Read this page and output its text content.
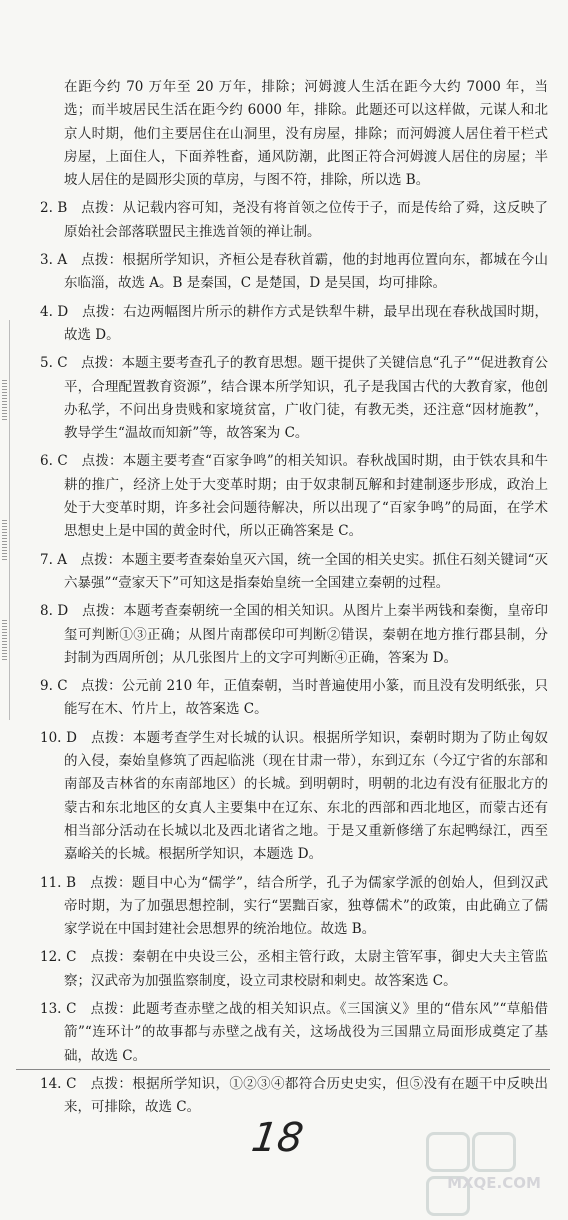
在距今约 70 万年至 20 万年，排除；河姆渡人生活在距今大约 7000 年，当选；而半坡居民生活在距今约 6000 年，排除。此题还可以这样做，元谋人和北京人时期，他们主要居住在山洞里，没有房屋，排除；而河姆渡人居住着干栏式房屋，上面住人，下面养牲畜，通风防潮，此图正符合河姆渡人居住的房屋；半坡人居住的是圆形尖顶的草房，与图不符，排除，所以选 B。

2. B　点拨：从记载内容可知，尧没有将首领之位传于子，而是传给了舜，这反映了原始社会部落联盟民主推选首领的禅让制。

3. A　点拨：根据所学知识，齐桓公是春秋首霸，他的封地再位置向东，都城在今山东临淄，故选 A。B 是秦国，C 是楚国，D 是吴国，均可排除。

4. D　点拨：右边两幅图片所示的耕作方式是铁犁牛耕，最早出现在春秋战国时期，故选 D。

5. C　点拨：本题主要考查孔子的教育思想。题干提供了关键信息“孔子”“促进教育公平，合理配置教育资源”，结合课本所学知识，孔子是我国古代的大教育家，他创办私学，不问出身贵贱和家境贫富，广收门徒，有教无类，还注意“因材施教”，教导学生“温故而知新”等，故答案为 C。

6. C　点拨：本题主要考查“百家争鸣”的相关知识。春秋战国时期，由于铁农具和牛耕的推广，经济上处于大变革时期；由于奴隶制瓦解和封建制逐步形成，政治上处于大变革时期，许多社会问题待解决，所以出现了“百家争鸣”的局面，在学术思想史上是中国的黄金时代，所以正确答案是 C。

7. A　点拨：本题主要考查秦始皇灭六国，统一全国的相关史实。抓住石刻关键词“灭六暴强”“壹家天下”可知这是指秦始皇统一全国建立秦朝的过程。

8. D　点拨：本题考查秦朝统一全国的相关知识。从图片上秦半两钱和秦衡，皇帝印玺可判断①③正确；从图片南郡侯印可判断②错误，秦朝在地方推行郡县制，分封制为西周所创；从几张图片上的文字可判断④正确，答案为 D。

9. C　点拨：公元前 210 年，正值秦朝，当时普遍使用小篆，而且没有发明纸张，只能写在木、竹片上，故答案选 C。

10. D　点拨：本题考查学生对长城的认识。根据所学知识，秦朝时期为了防止匈奴的入侵，秦始皇修筑了西起临洮（现在甘肃一带），东到辽东（今辽宁省的东部和南部及吉林省的东南部地区）的长城。到明朝时，明朝的北边有没有征服北方的蒙古和东北地区的女真人主要集中在辽东、东北的西部和西北地区，而蒙古还有相当部分活动在长城以北及西北诸省之地。于是又重新修缮了东起鸭绿江，西至嘉峪关的长城。根据所学知识，本题选 D。

11. B　点拨：题目中心为“儒学”，结合所学，孔子为儒家学派的创始人，但到汉武帝时期，为了加强思想控制，实行“罢黜百家，独尊儒术”的政策，由此确立了儒家学说在中国封建社会思想界的统治地位。故选 B。

12. C　点拨：秦朝在中央设三公，丞相主管行政，太尉主管军事，御史大夫主管监察；汉武帝为加强监察制度，设立司隶校尉和刺史。故答案选 C。

13. C　点拨：此题考查赤壁之战的相关知识点。《三国演义》里的“借东风”“草船借箭”“连环计”的故事都与赤壁之战有关，这场战役为三国鼎立局面形成奠定了基础，故选 C。

14. C　点拨：根据所学知识，①②③④都符合历史史实，但⑤没有在题干中反映出来，可排除，故选 C。

18
MXQE.COM
